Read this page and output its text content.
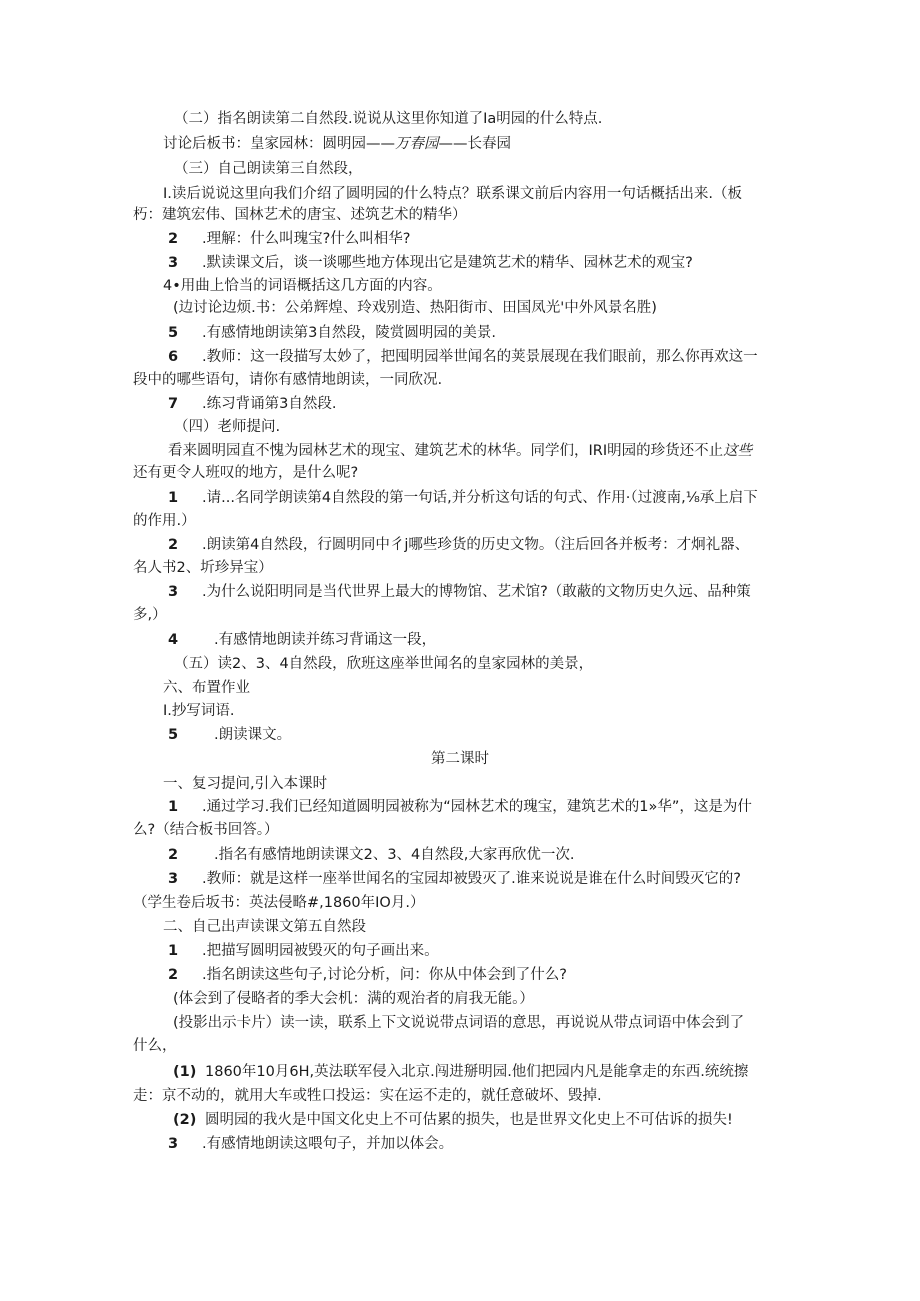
（二）指名朗读第二自然段.说说从这里你知道了Ia明园的什么特点.
讨论后板书：皇家园林：圆明园——万春园——长春园
（三）自己朗读第三自然段，
I.读后说说这里向我们介绍了圆明园的什么特点？联系课文前后内容用一句话概括出来.（板
朽：建筑宏伟、国林艺术的唐宝、述筑艺术的精华）
2 .理解：什么叫瑰宝?什么叫相华?
3 .默读课文后，谈一谈哪些地方体现出它是建筑艺术的精华、园林艺术的观宝?
4•用曲上恰当的词语概括这几方面的内容。
(边讨论边烦.书：公弟辉煌、玲戏别造、热阳街市、田国凤光'中外风景名胜)
5 .有感情地朗读第3自然段，陵赏圆明园的美景.
6 .教师：这一段描写太妙了，把囤明园举世闻名的荚景展现在我们眼前，那么你再欢这一
段中的哪些语句，请你有感情地朗读，一同欣况.
7 .练习背诵第3自然段.
（四）老师提问.
看来圆明园直不愧为园林艺术的现宝、建筑艺术的林华。同学们，IRI明园的珍货还不止这些
还有更令人班叹的地方，是什么呢?
1 .请...名同学朗读第4自然段的第一句话,并分析这句话的句式、作用·（过渡南,⅛承上启下
的作用.）
2 .朗读第4自然段，行圆明同中彳j哪些珍货的历史文物。（注后回各并板考：才炯礼器、
名人书2、圻珍异宝）
3 .为什么说阳明同是当代世界上最大的博物馆、艺术馆?（敢蔽的文物历史久远、品种策
多,）
4 .有感情地朗读并练习背诵这一段，
（五）读2、3、4自然段，欣班这座举世闻名的皇家园林的美景，
六、布置作业
I.抄写词语.
5 .朗读课文。
第二课时
一、复习提问,引入本课时
1 .通过学习.我们已经知道圆明园被称为“园林艺术的瑰宝，建筑艺术的1»华”，这是为什
么?（结合板书回答。）
2 .指名有感情地朗读课文2、3、4自然段,大家再欣优一次.
3 .教师：就是这样一座举世闻名的宝园却被毁灭了.谁来说说是谁在什么时间毁灭它的?
（学生卷后坂书：英法侵略#,1860年IO月.）
二、自己出声读课文第五自然段
1 .把描写圆明园被毁灭的句子画出来。
2 .指名朗读这些句子,讨论分析，问：你从中体会到了什么?
(体会到了侵略者的季大会机：满的观治者的肩我无能。）
(投影出示卡片）读一读，联系上下文说说带点词语的意思，再说说从带点词语中体会到了
什么，
(1) 1860年10月6H,英法联军侵入北京.闯进掰明园.他们把园内凡是能拿走的东西.统统擦
走：京不动的，就用大车或牲口投运：实在运不走的，就任意破坏、毁掉.
(2) 圆明园的我火是中国文化史上不可估累的损失，也是世界文化史上不可估诉的损失!
3 .有感情地朗读这喂句子，并加以体会。
